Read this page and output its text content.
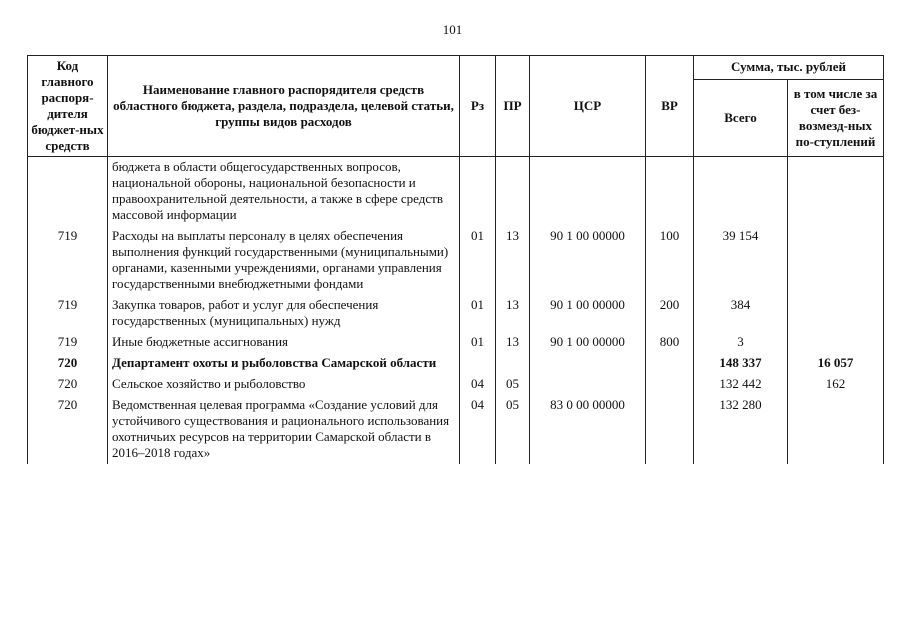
101
Код главного распоря-дителя бюджет-ных средств	Наименование главного распорядителя средств областного бюджета, раздела, подраздела, целевой статьи, группы видов расходов	Рз	ПР	ЦСР	ВР	Сумма, тыс. рублей	
						Всего	в том числе за счет без-возмезд-ных по-ступлений
	бюджета в области общегосударственных вопросов, национальной обороны, национальной безопасности и правоохранительной деятельности, а также в сфере средств массовой информации						
719	Расходы на выплаты персоналу в целях обеспечения выполнения функций государственными (муниципальными) органами, казенными учреждениями, органами управления государственными внебюджетными фондами	01	13	90 1 00 00000	100	39 154	
719	Закупка товаров, работ и услуг для обеспечения государственных (муниципальных) нужд	01	13	90 1 00 00000	200	384	
719	Иные бюджетные ассигнования	01	13	90 1 00 00000	800	3	
720	Департамент охоты и рыболовства Самарской области					148 337	16 057
720	Сельское хозяйство и рыболовство	04	05			132 442	162
720	Ведомственная целевая программа «Создание условий для устойчивого существования и рационального использования охотничьих ресурсов на территории Самарской области в 2016–2018 годах»	04	05	83 0 00 00000		132 280	
